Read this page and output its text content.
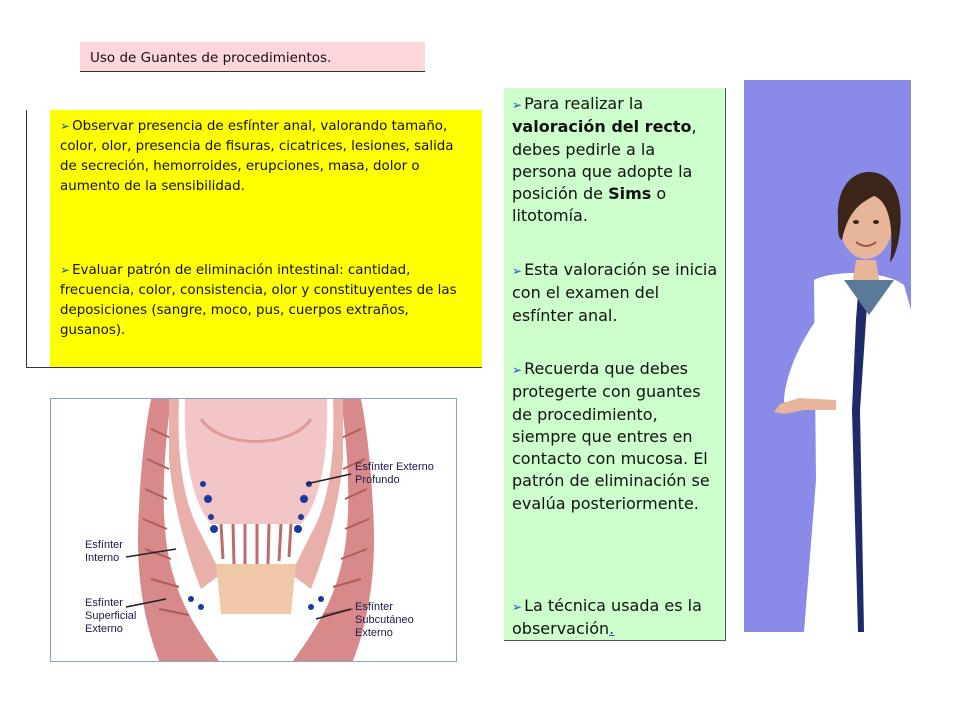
Uso de Guantes de procedimientos.

➢ Observar presencia de esfínter anal, valorando tamaño, color, olor, presencia de fisuras, cicatrices, lesiones, salida de secreción, hemorroides, erupciones, masa, dolor o aumento de la sensibilidad.

➢ Evaluar patrón de eliminación intestinal: cantidad, frecuencia, color, consistencia, olor y constituyentes de las deposiciones (sangre, moco, pus, cuerpos extraños, gusanos).

➢ Para realizar la valoración del recto, debes pedirle a la persona que adopte la posición de Sims o litotomía.

➢ Esta valoración se inicia con el examen del esfínter anal.

➢ Recuerda que debes protegerte con guantes de procedimiento, siempre que entres en contacto con mucosa. El patrón de eliminación se evalúa posteriormente.

➢ La técnica usada es la observación.

Esfínter Externo
Profundo
Esfínter
Interno
Esfínter
Superficial
Externo
Esfínter
Subcutáneo
Externo
